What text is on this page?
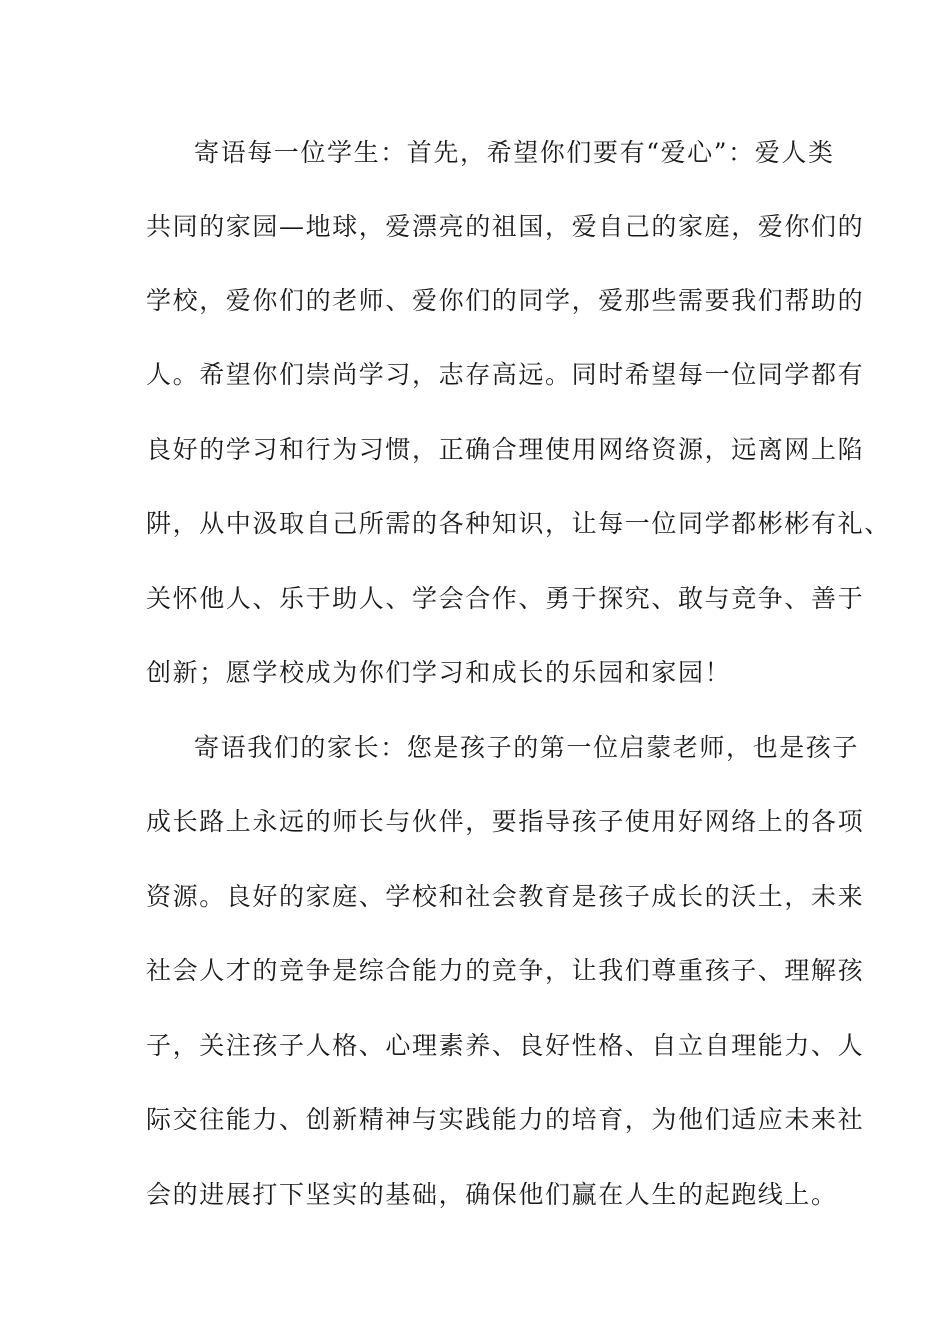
寄语每一位学生：首先，希望你们要有“爱心”：爱人类
共同的家园—地球，爱漂亮的祖国，爱自己的家庭，爱你们的
学校，爱你们的老师、爱你们的同学，爱那些需要我们帮助的
人。希望你们崇尚学习，志存高远。同时希望每一位同学都有
良好的学习和行为习惯，正确合理使用网络资源，远离网上陷
阱，从中汲取自己所需的各种知识，让每一位同学都彬彬有礼、
关怀他人、乐于助人、学会合作、勇于探究、敢与竞争、善于
创新；愿学校成为你们学习和成长的乐园和家园！
寄语我们的家长：您是孩子的第一位启蒙老师，也是孩子
成长路上永远的师长与伙伴，要指导孩子使用好网络上的各项
资源。良好的家庭、学校和社会教育是孩子成长的沃土，未来
社会人才的竞争是综合能力的竞争，让我们尊重孩子、理解孩
子，关注孩子人格、心理素养、良好性格、自立自理能力、人
际交往能力、创新精神与实践能力的培育，为他们适应未来社
会的进展打下坚实的基础，确保他们赢在人生的起跑线上。
